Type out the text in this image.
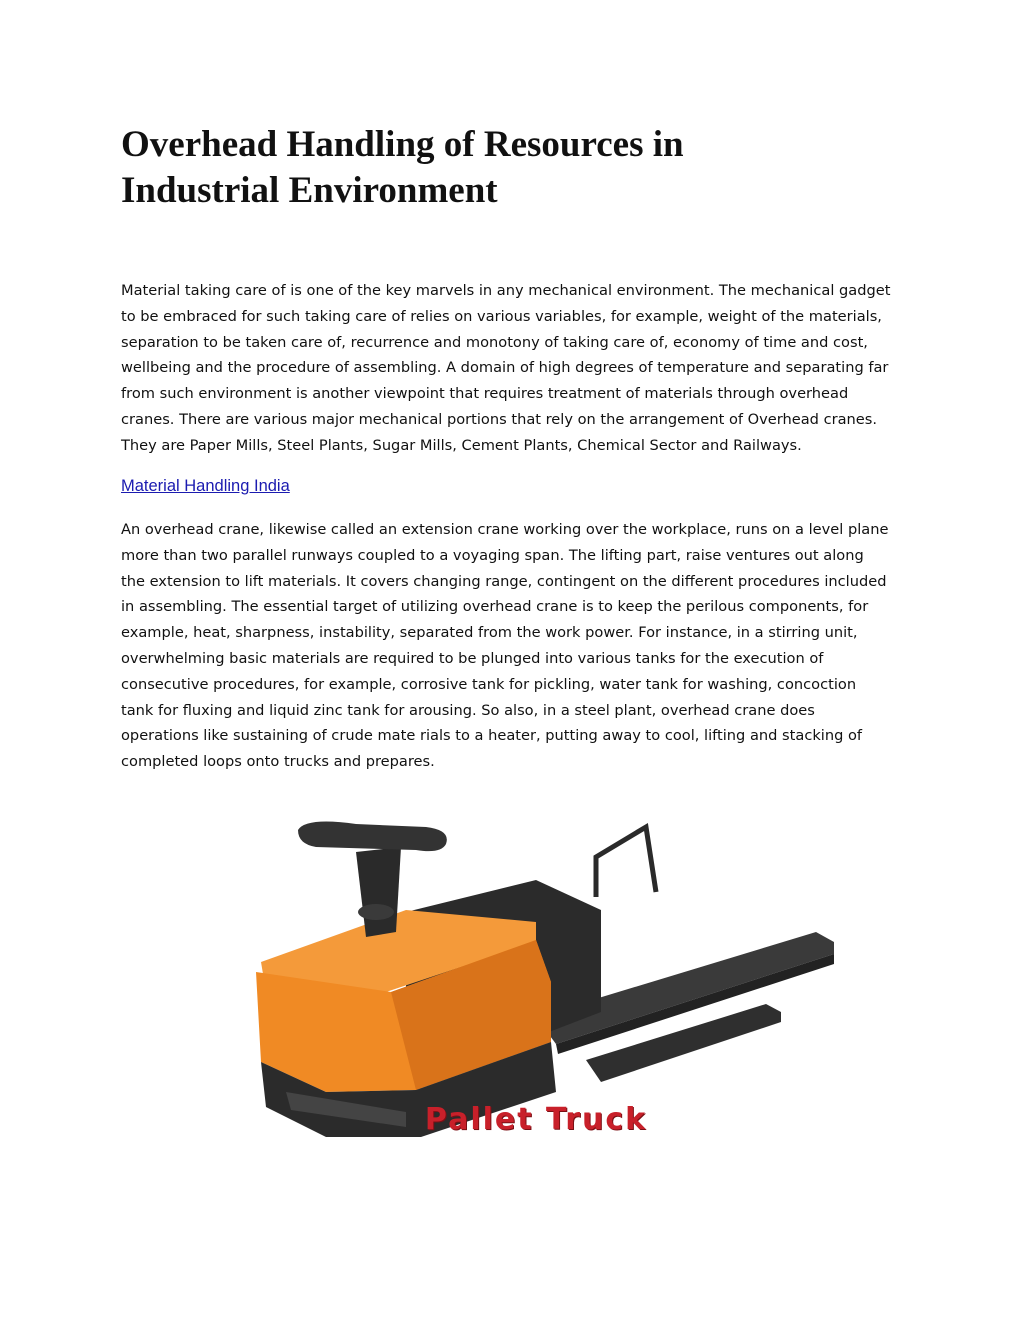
Overhead Handling of Resources in
Industrial Environment

Material taking care of is one of the key marvels in any mechanical environment. The mechanical gadget
to be embraced for such taking care of relies on various variables, for example, weight of the materials,
separation to be taken care of, recurrence and monotony of taking care of, economy of time and cost,
wellbeing and the procedure of assembling. A domain of high degrees of temperature and separating far
from such environment is another viewpoint that requires treatment of materials through overhead
cranes. There are various major mechanical portions that rely on the arrangement of Overhead cranes.
They are Paper Mills, Steel Plants, Sugar Mills, Cement Plants, Chemical Sector and Railways.

Material Handling India

An overhead crane, likewise called an extension crane working over the workplace, runs on a level plane
more than two parallel runways coupled to a voyaging span. The lifting part, raise ventures out along
the extension to lift materials. It covers changing range, contingent on the different procedures included
in assembling. The essential target of utilizing overhead crane is to keep the perilous components, for
example, heat, sharpness, instability, separated from the work power. For instance, in a stirring unit,
overwhelming basic materials are required to be plunged into various tanks for the execution of
consecutive procedures, for example, corrosive tank for pickling, water tank for washing, concoction
tank for fluxing and liquid zinc tank for arousing. So also, in a steel plant, overhead crane does
operations like sustaining of crude mate rials to a heater, putting away to cool, lifting and stacking of
completed loops onto trucks and prepares.

Pallet Truck
